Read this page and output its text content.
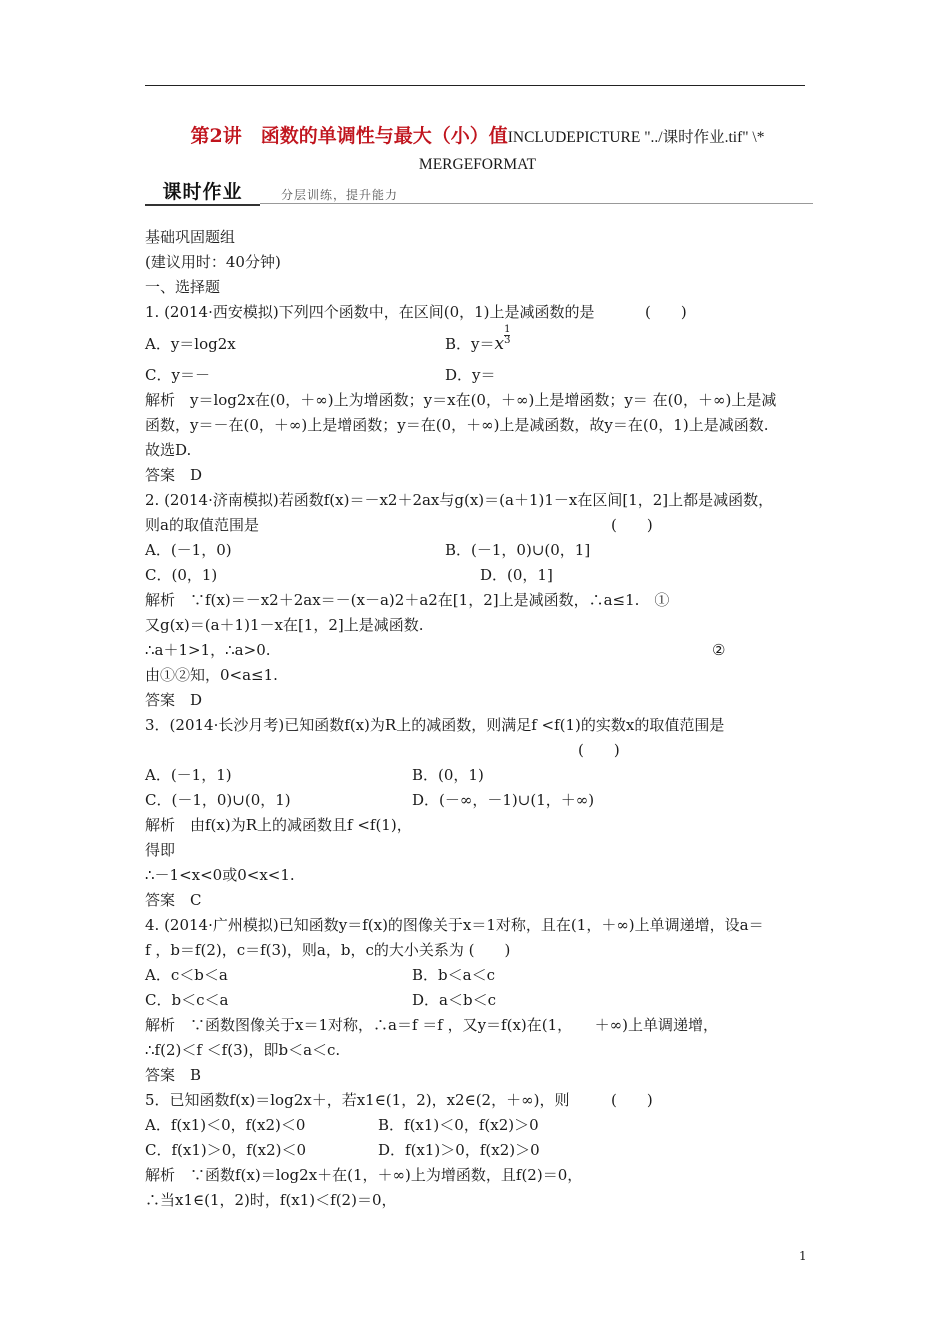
第2讲　函数的单调性与最大（小）值INCLUDEPICTURE "../课时作业.tif" \* MERGEFORMAT
课时作业	分层训练，提升能力
基础巩固题组
(建议用时：40分钟)
一、选择题
1. (2014·西安模拟)下列四个函数中，在区间(0，1)上是减函数的是	(　　)
A．y＝log2x	B．$y=x \frac{1}{3}$
C．y＝－	D．y＝
解析　y＝log2x在(0，＋∞)上为增函数；y＝x在(0，＋∞)上是增函数；y＝ 在(0，＋∞)上是减
函数，y＝－在(0，＋∞)上是增函数；y＝在(0，＋∞)上是减函数，故y＝在(0，1)上是减函数.
故选D.
答案　D
2. (2014·济南模拟)若函数f(x)＝－x2＋2ax与g(x)＝(a＋1)1－x在区间[1，2]上都是减函数，
则a的取值范围是	(　　)
A．(－1，0)	B．(－1，0)∪(0，1]
C．(0，1)	D．(0，1]
解析　∵f(x)＝－x2＋2ax＝－(x－a)2＋a2在[1，2]上是减函数，∴a≤1.　①
又g(x)＝(a＋1)1－x在[1，2]上是减函数.
∴a＋1>1，∴a>0.	②
由①②知，0<a≤1.
答案　D
3．(2014·长沙月考)已知函数f(x)为R上的减函数，则满足f <f(1)的实数x的取值范围是
(　　)
A．(－1，1)	B．(0，1)
C．(－1，0)∪(0，1)	D．(－∞，－1)∪(1，＋∞)
解析　由f(x)为R上的减函数且f <f(1)，
得即
∴－1<x<0或0<x<1.
答案　C
4. (2014·广州模拟)已知函数y＝f(x)的图像关于x＝1对称，且在(1，＋∞)上单调递增，设a＝
f ，b＝f(2)，c＝f(3)，则a，b，c的大小关系为 (　　)
A．c＜b＜a	B．b＜a＜c
C．b＜c＜a	D．a＜b＜c
解析　∵函数图像关于x＝1对称，∴a＝f ＝f ，又y＝f(x)在(1，　　＋∞)上单调递增，
∴f(2)＜f ＜f(3)，即b＜a＜c.
答案　B
5．已知函数f(x)＝log2x＋，若x1∈(1，2)，x2∈(2，＋∞)，则	(　　)
A．f(x1)＜0，f(x2)＜0	B．f(x1)＜0，f(x2)＞0
C．f(x1)＞0，f(x2)＜0	D．f(x1)＞0，f(x2)＞0
解析　∵函数f(x)＝log2x＋在(1，＋∞)上为增函数，且f(2)＝0，
∴当x1∈(1，2)时，f(x1)＜f(2)＝0，
1
